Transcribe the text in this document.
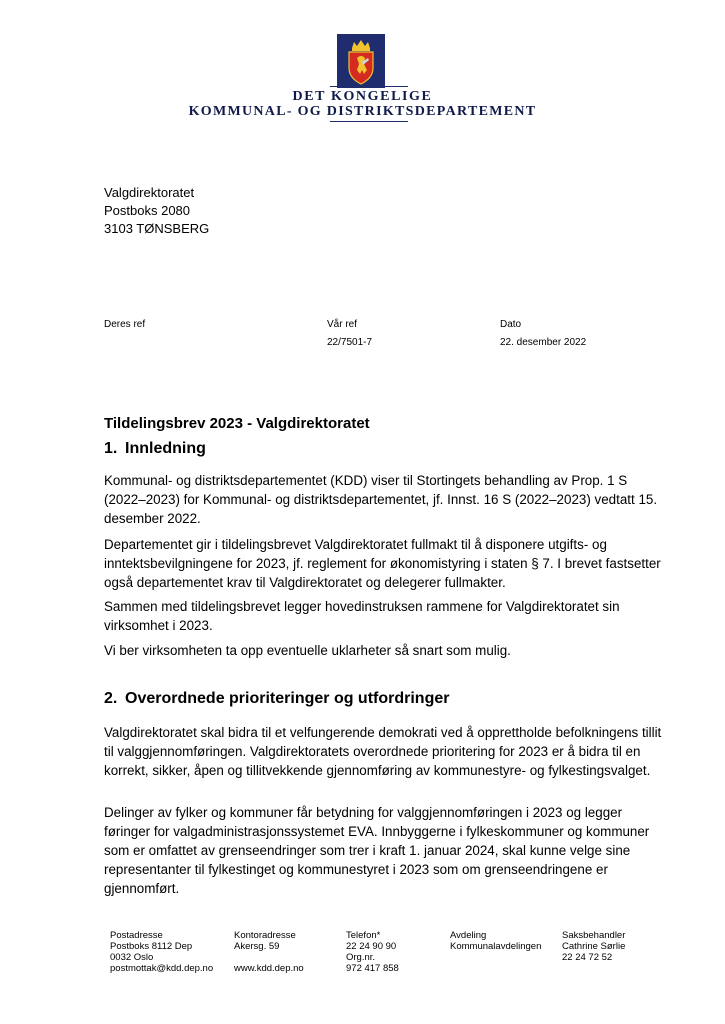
DET KONGELIGE
KOMMUNAL- OG DISTRIKTSDEPARTEMENT
Valgdirektoratet
Postboks 2080
3103 TØNSBERG
Deres ref	Vår ref
22/7501-7
Dato
22. desember 2022
Tildelingsbrev 2023 - Valgdirektoratet
1. Innledning

Kommunal- og distriktsdepartementet (KDD) viser til Stortingets behandling av Prop. 1 S (2022–2023) for Kommunal- og distriktsdepartementet, jf. Innst. 16 S (2022–2023) vedtatt 15. desember 2022.

Departementet gir i tildelingsbrevet Valgdirektoratet fullmakt til å disponere utgifts- og inntektsbevilgningene for 2023, jf. reglement for økonomistyring i staten § 7. I brevet fastsetter også departementet krav til Valgdirektoratet og delegerer fullmakter.

Sammen med tildelingsbrevet legger hovedinstruksen rammene for Valgdirektoratet sin virksomhet i 2023.

Vi ber virksomheten ta opp eventuelle uklarheter så snart som mulig.

2. Overordnede prioriteringer og utfordringer

Valgdirektoratet skal bidra til et velfungerende demokrati ved å opprettholde befolkningens tillit til valggjennomføringen. Valgdirektoratets overordnede prioritering for 2023 er å bidra til en korrekt, sikker, åpen og tillitvekkende gjennomføring av kommunestyre- og fylkestingsvalget.

Delinger av fylker og kommuner får betydning for valggjennomføringen i 2023 og legger føringer for valgadministrasjonssystemet EVA. Innbyggerne i fylkeskommuner og kommuner som er omfattet av grenseendringer som trer i kraft 1. januar 2024, skal kunne velge sine representanter til fylkestinget og kommunestyret i 2023 som om grenseendringene er gjennomført.

Postadresse
Postboks 8112 Dep
0032 Oslo
postmottak@kdd.dep.no
Kontoradresse
Akersg. 59
www.kdd.dep.no
Telefon*
22 24 90 90
Org.nr.
972 417 858
Avdeling
Kommunalavdelingen
Saksbehandler
Cathrine Sørlie
22 24 72 52
